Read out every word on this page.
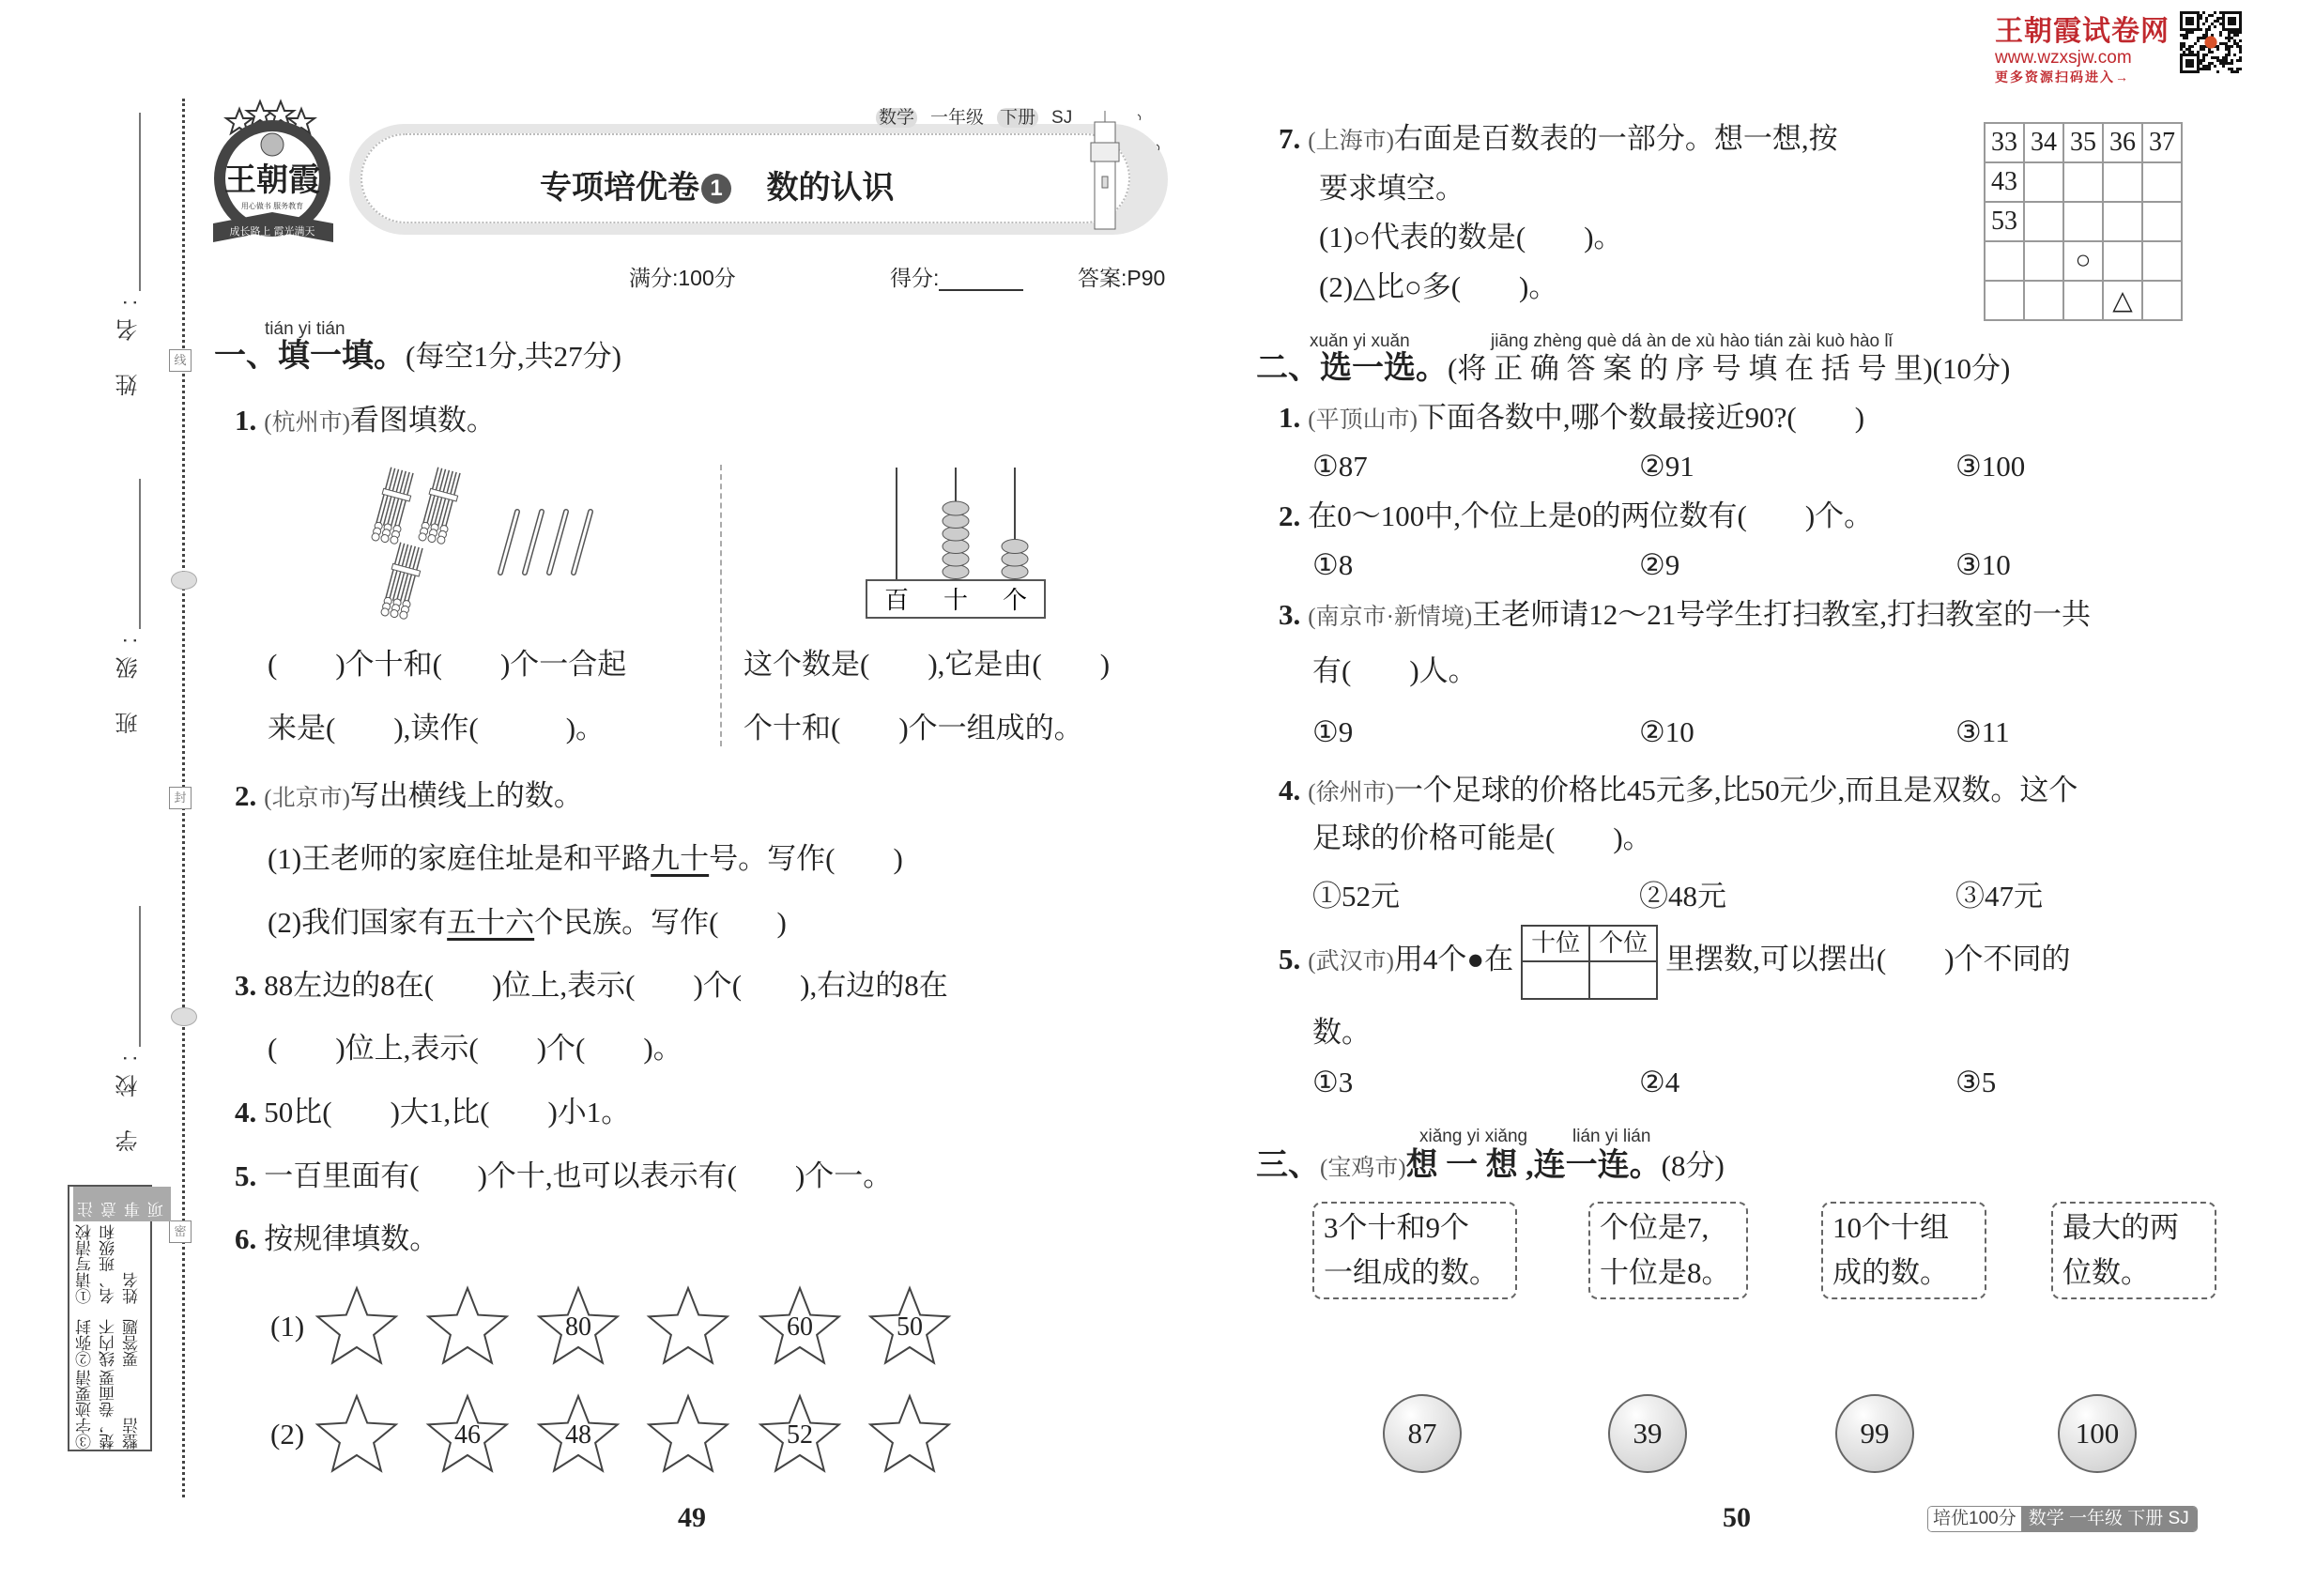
姓 名:
班 级:
学 校:
线
封
密
注意事项
①请写清校名、班级和姓名
②弥封线内不要答题
③字迹要清楚，卷面要整洁
王朝霞
用心做书 服务教育
成长路上 霞光满天
数学 一年级 下册 SJ
专项培优卷 1 数的认识
满分:100分	得分:	答案:P90
王朝霞试卷网
www.wzxsjw.com
更多资源扫码进入→
tián yi tián
一、填一填。(每空1分,共27分)
1. (杭州市)看图填数。
百 十 个
(　　)个十和(　　)个一合起
来是(　　),读作(　　　)。
这个数是(　　),它是由(　　)
个十和(　　)个一组成的。
2. (北京市)写出横线上的数。
(1)王老师的家庭住址是和平路九十号。写作(　　)
(2)我们国家有五十六个民族。写作(　　)
3. 88左边的8在(　　)位上,表示(　　)个(　　),右边的8在
(　　)位上,表示(　　)个(　　)。
4. 50比(　　)大1,比(　　)小1。
5. 一百里面有(　　)个十,也可以表示有(　　)个一。
6. 按规律填数。
(1)
(2)
80	60	50
46	48	52
49
7. (上海市)右面是百数表的一部分。想一想,按
要求填空。
(1)○代表的数是(　　)。
(2)△比○多(　　)。
33	34	35	36	37
43				
53				
		○		
			△	
xuǎn yi xuǎn	jiāng zhèng què dá àn de xù hào tián zài kuò hào lǐ
二、选一选。(将 正 确 答 案 的 序 号 填 在 括 号 里)(10分)
1. (平顶山市)下面各数中,哪个数最接近90?(　　)
①87	②91	③100
2. 在0～100中,个位上是0的两位数有(　　)个。
①8	②9	③10
3. (南京市·新情境)王老师请12～21号学生打扫教室,打扫教室的一共
有(　　)人。
①9	②10	③11
4. (徐州市)一个足球的价格比45元多,比50元少,而且是双数。这个
足球的价格可能是(　　)。
①52元	②48元	③47元
5. (武汉市)用4个●在 十位	个位
	里摆数,可以摆出(　　)个不同的
数。
①3	②4	③5
xiǎng yi xiǎng	lián yi lián
三、(宝鸡市)想 一 想 ,连一连。(8分)
3个十和9个
一组成的数。
个位是7,
十位是8。
10个十组
成的数。
最大的两
位数。
87	39	99	100
50	培优100分 数学 一年级 下册 SJ
